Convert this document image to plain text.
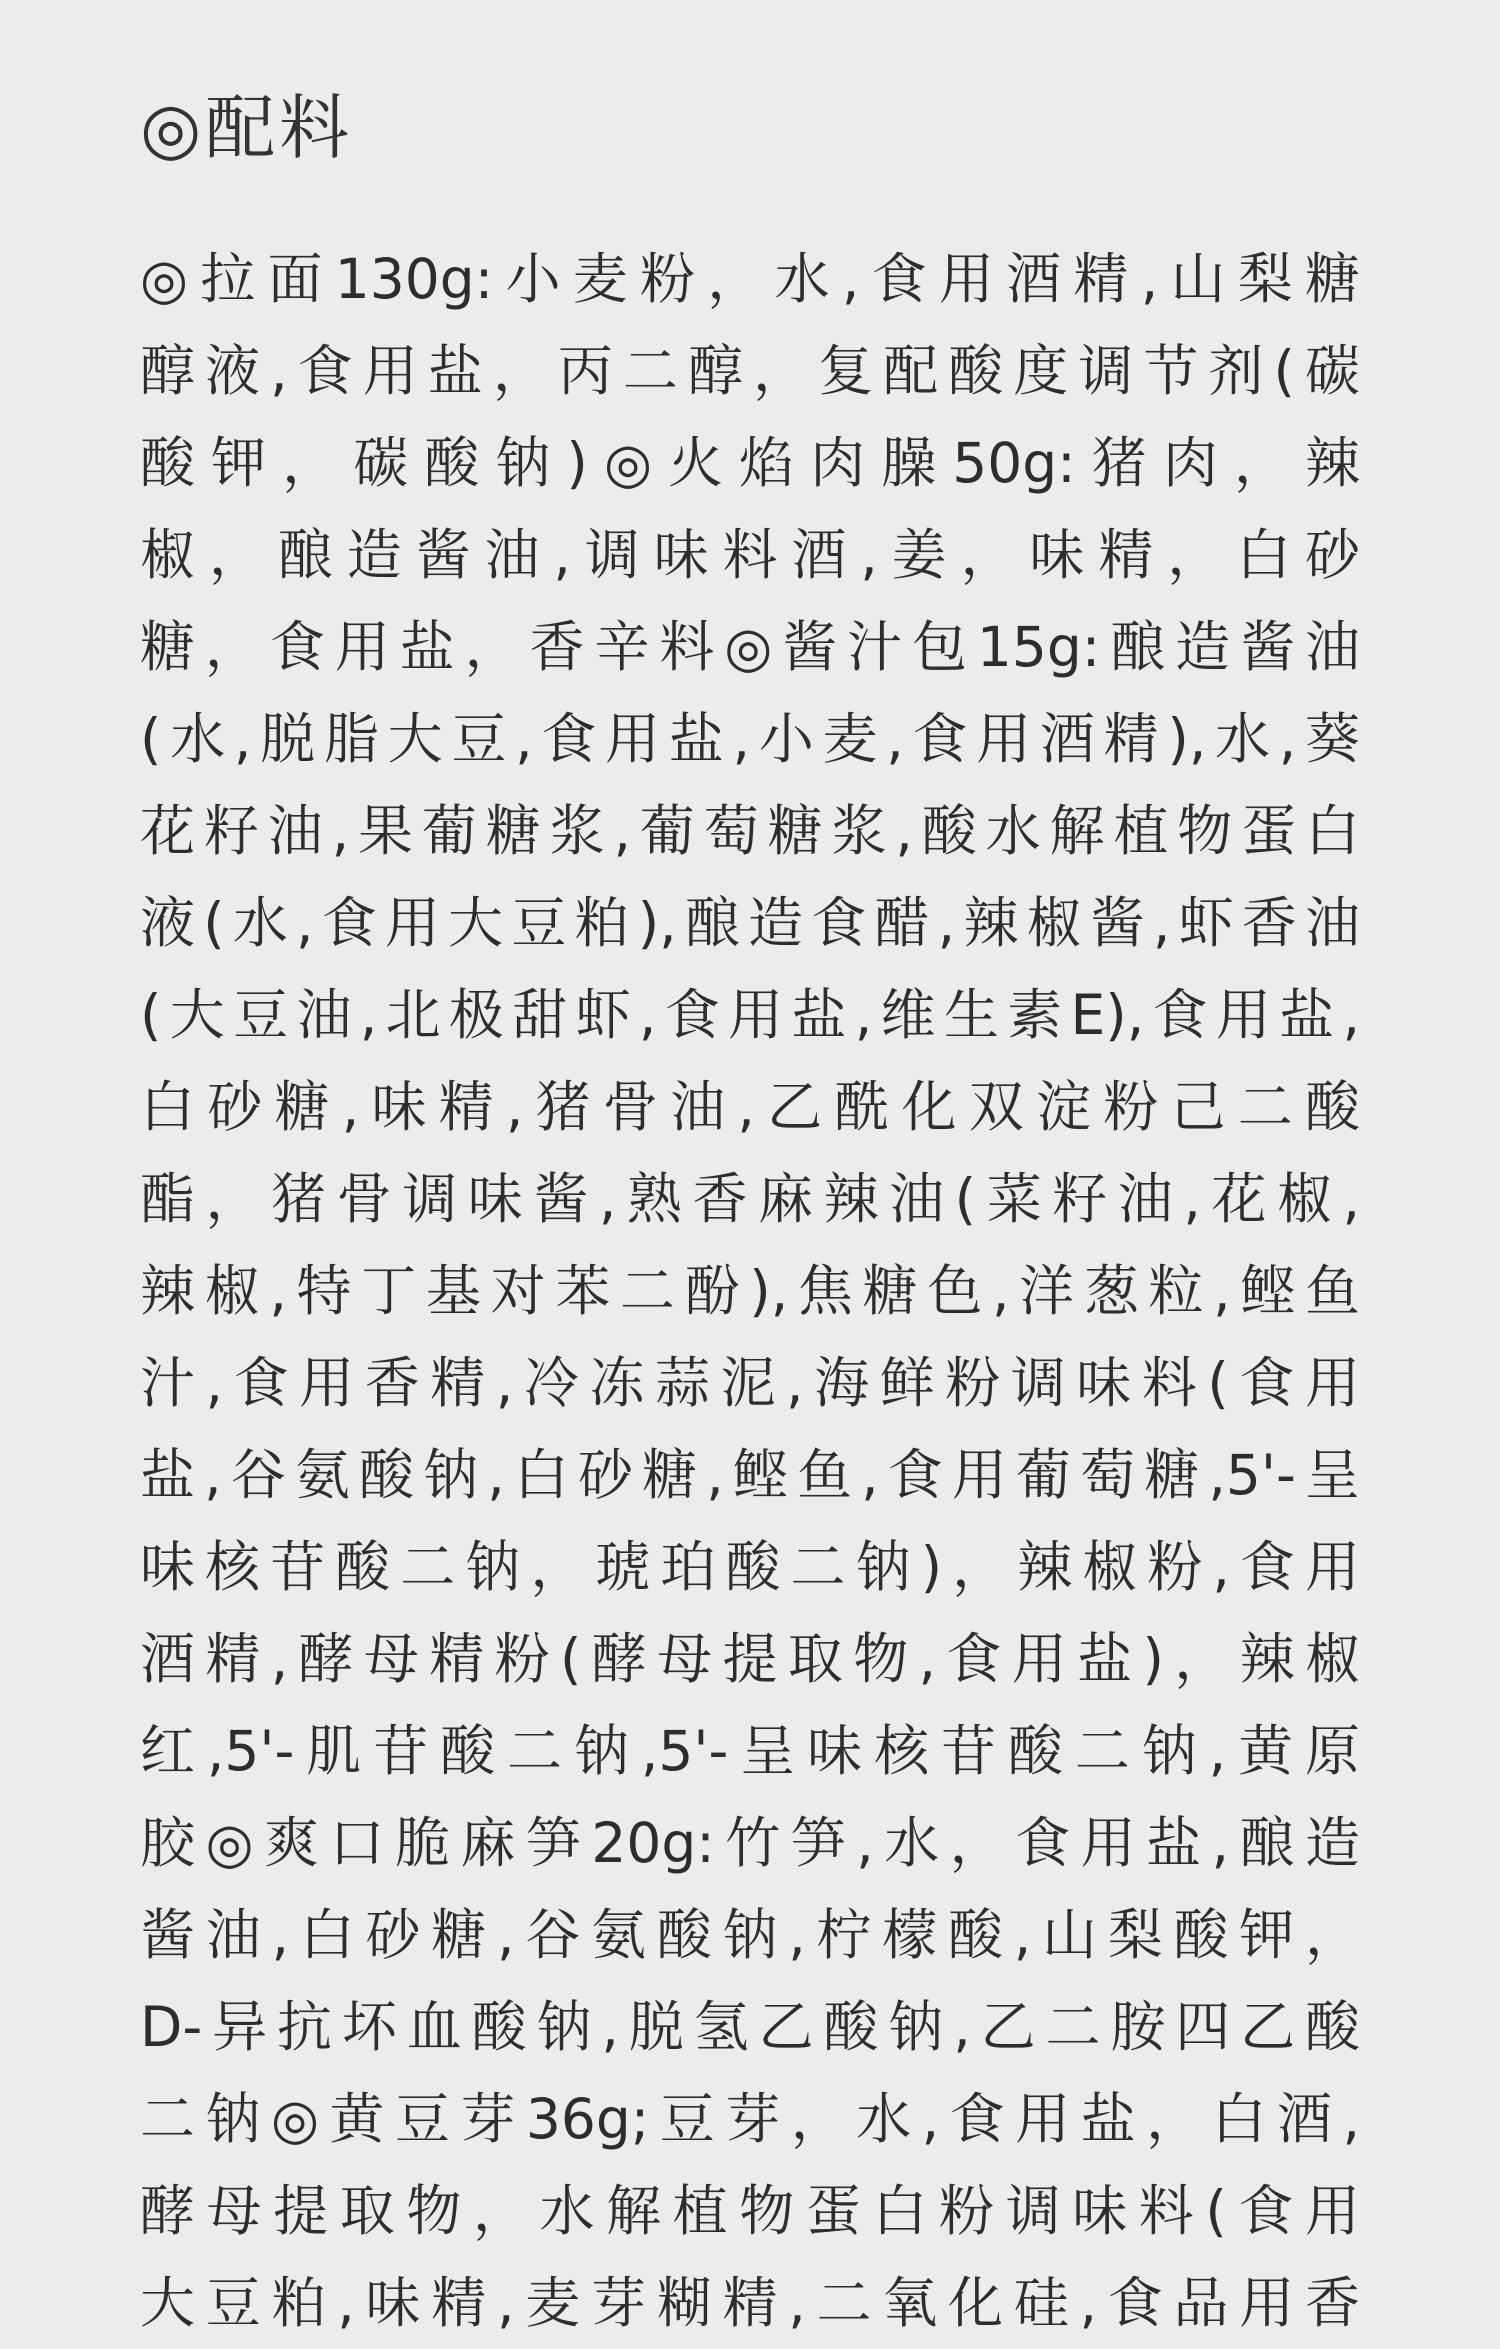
◎配料
◎拉面130g:小麦粉，水,食用酒精,山梨糖
醇液,食用盐，丙二醇，复配酸度调节剂(碳
酸钾，碳酸钠)◎火焰肉臊50g:猪肉，辣
椒，酿造酱油,调味料酒,姜，味精，白砂
糖，食用盐，香辛料◎酱汁包15g:酿造酱油
(水,脱脂大豆,食用盐,小麦,食用酒精),水,葵
花籽油,果葡糖浆,葡萄糖浆,酸水解植物蛋白
液(水,食用大豆粕),酿造食醋,辣椒酱,虾香油
(大豆油,北极甜虾,食用盐,维生素E),食用盐,
白砂糖,味精,猪骨油,乙酰化双淀粉己二酸
酯，猪骨调味酱,熟香麻辣油(菜籽油,花椒,
辣椒,特丁基对苯二酚),焦糖色,洋葱粒,鲣鱼
汁,食用香精,冷冻蒜泥,海鲜粉调味料(食用
盐,谷氨酸钠,白砂糖,鲣鱼,食用葡萄糖,5'-呈
味核苷酸二钠，琥珀酸二钠)，辣椒粉,食用
酒精,酵母精粉(酵母提取物,食用盐)，辣椒
红,5'-肌苷酸二钠,5'-呈味核苷酸二钠,黄原
胶◎爽口脆麻笋20g:竹笋,水，食用盐,酿造
酱油,白砂糖,谷氨酸钠,柠檬酸,山梨酸钾，
D-异抗坏血酸钠,脱氢乙酸钠,乙二胺四乙酸
二钠◎黄豆芽36g;豆芽，水,食用盐，白酒,
酵母提取物，水解植物蛋白粉调味料(食用
大豆粕,味精,麦芽糊精,二氧化硅,食品用香
